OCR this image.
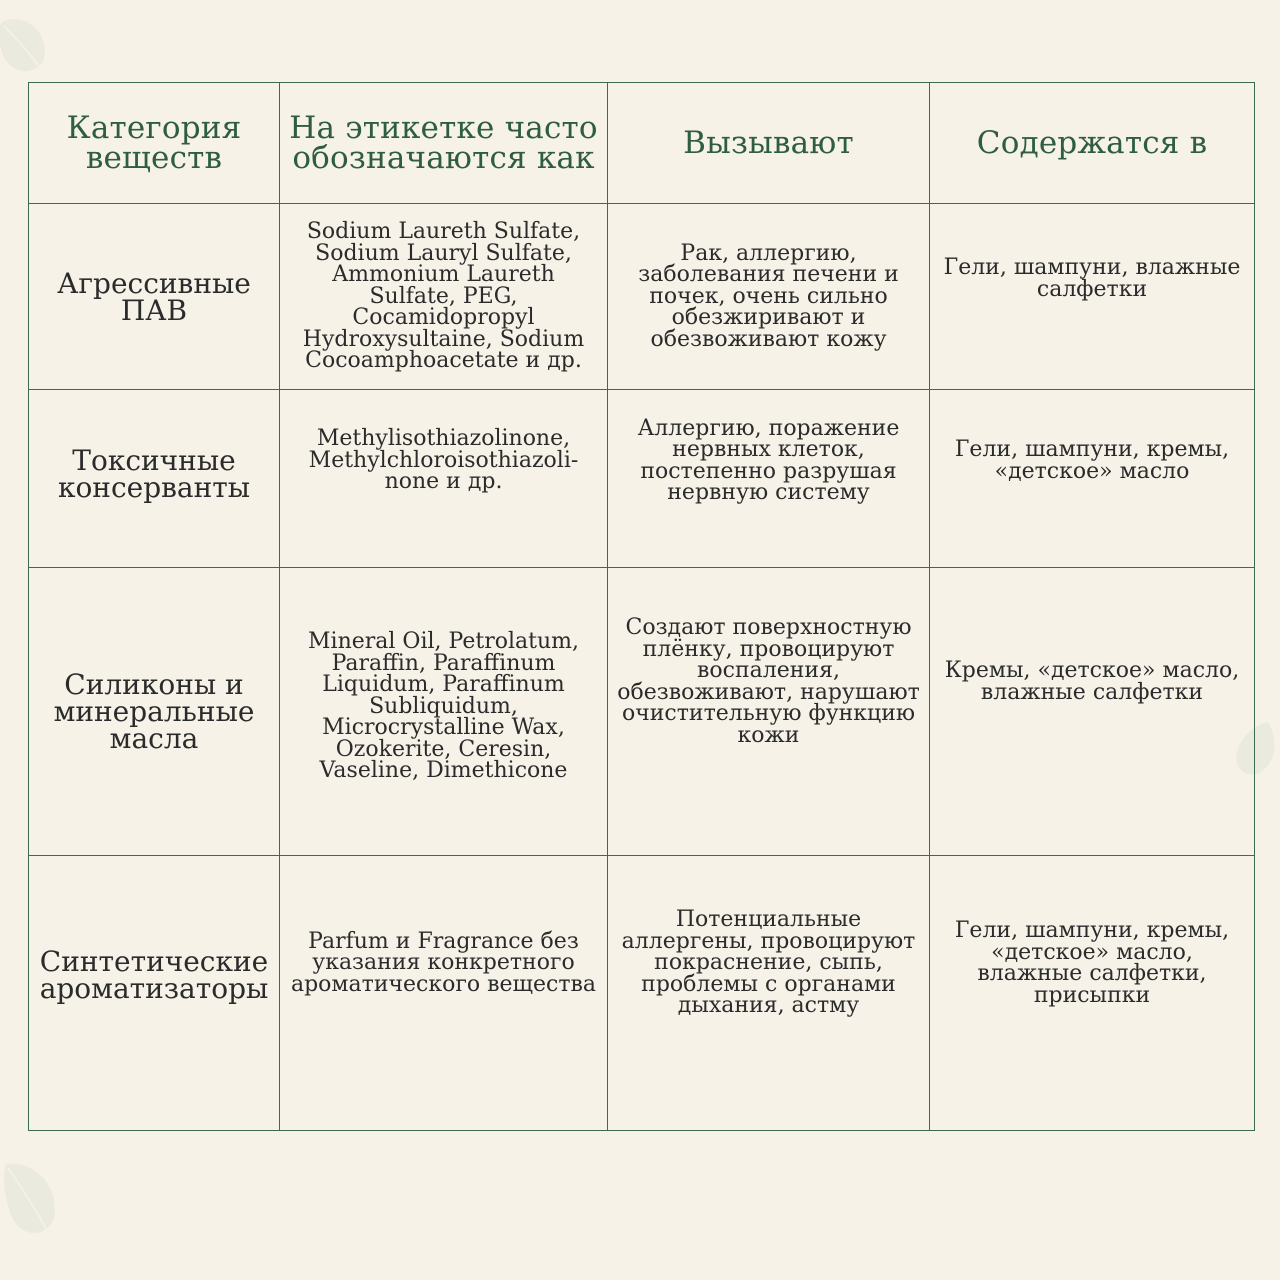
Категория веществ	На этикетке часто обозначаются как	Вызывают	Содержатся в

Агрессивные ПАВ	Sodium Laureth Sulfate, Sodium Lauryl Sulfate, Ammonium Laureth Sulfate, PEG, Cocamidopropyl Hydroxysultaine, Sodium Cocoamphoacetate и др.	Рак, аллергию, заболевания печени и почек, очень сильно обезжиривают и обезвоживают кожу	Гели, шампуни, влажные салфетки

Токсичные консерванты	Methylisothiazolinone, Methylchloroisothiazoli-none и др.	Аллергию, поражение нервных клеток, постепенно разрушая нервную систему	Гели, шампуни, кремы, «детское» масло

Силиконы и минеральные масла	Mineral Oil, Petrolatum, Paraffin, Paraffinum Liquidum, Paraffinum Subliquidum, Microcrystalline Wax, Ozokerite, Ceresin, Vaseline, Dimethicone	Создают поверхностную плёнку, провоцируют воспаления, обезвоживают, нарушают очистительную функцию кожи	Кремы, «детское» масло, влажные салфетки

Синтетические ароматизаторы	Parfum и Fragrance без указания конкретного ароматического вещества	Потенциальные аллергены, провоцируют покраснение, сыпь, проблемы с органами дыхания, астму	Гели, шампуни, кремы, «детское» масло, влажные салфетки, присыпки
